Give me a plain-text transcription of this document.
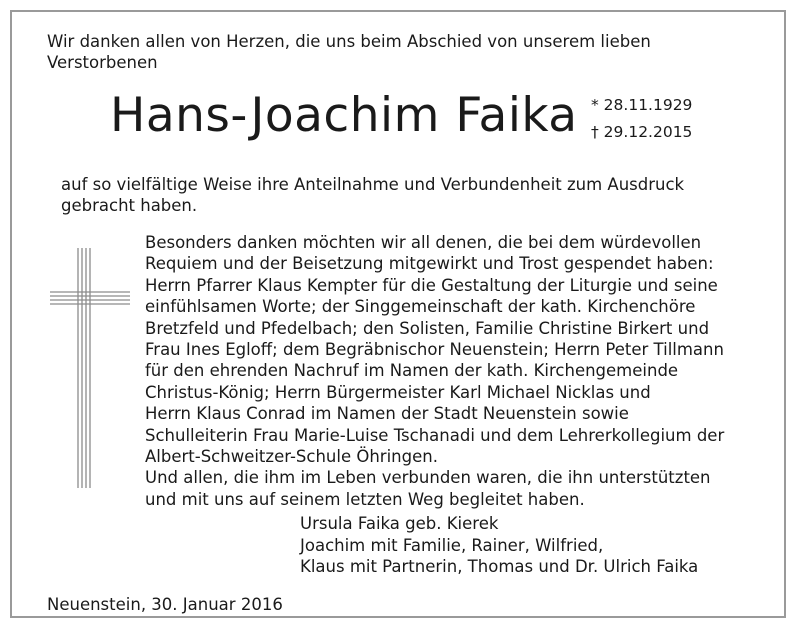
Wir danken allen von Herzen, die uns beim Abschied von unserem lieben
Verstorbenen
Hans-Joachim Faika * 28.11.1929
† 29.12.2015
auf so vielfältige Weise ihre Anteilnahme und Verbundenheit zum Ausdruck
gebracht haben.
Besonders danken möchten wir all denen, die bei dem würdevollen
Requiem und der Beisetzung mitgewirkt und Trost gespendet haben:
Herrn Pfarrer Klaus Kempter für die Gestaltung der Liturgie und seine
einfühlsamen Worte; der Singgemeinschaft der kath. Kirchenchöre
Bretzfeld und Pfedelbach; den Solisten, Familie Christine Birkert und
Frau Ines Egloff; dem Begräbnischor Neuenstein; Herrn Peter Tillmann
für den ehrenden Nachruf im Namen der kath. Kirchengemeinde
Christus-König; Herrn Bürgermeister Karl Michael Nicklas und
Herrn Klaus Conrad im Namen der Stadt Neuenstein sowie
Schulleiterin Frau Marie-Luise Tschanadi und dem Lehrerkollegium der
Albert-Schweitzer-Schule Öhringen.
Und allen, die ihm im Leben verbunden waren, die ihn unterstützten
und mit uns auf seinem letzten Weg begleitet haben.
Ursula Faika geb. Kierek
Joachim mit Familie, Rainer, Wilfried,
Klaus mit Partnerin, Thomas und Dr. Ulrich Faika
Neuenstein, 30. Januar 2016
